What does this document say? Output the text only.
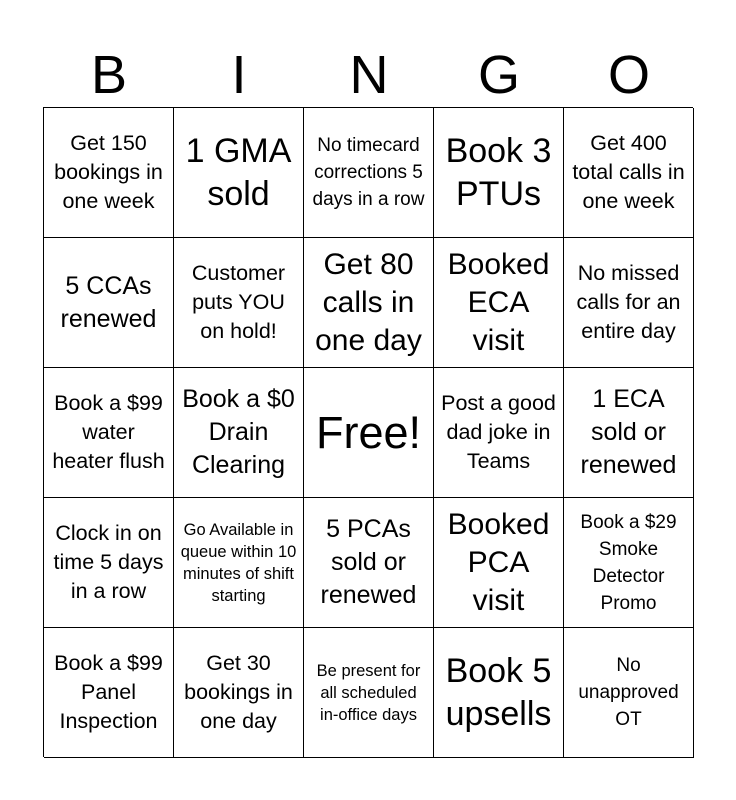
B	I	N	G	O
Get 150 bookings in one week
1 GMA sold
No timecard corrections 5 days in a row
Book 3 PTUs
Get 400 total calls in one week
5 CCAs renewed
Customer puts YOU on hold!
Get 80 calls in one day
Booked ECA visit
No missed calls for an entire day
Book a $99 water heater flush
Book a $0 Drain Clearing
Free!
Post a good dad joke in Teams
1 ECA sold or renewed
Clock in on time 5 days in a row
Go Available in queue within 10 minutes of shift starting
5 PCAs sold or renewed
Booked PCA visit
Book a $29 Smoke Detector Promo
Book a $99 Panel Inspection
Get 30 bookings in one day
Be present for all scheduled in-office days
Book 5 upsells
No unapproved OT
